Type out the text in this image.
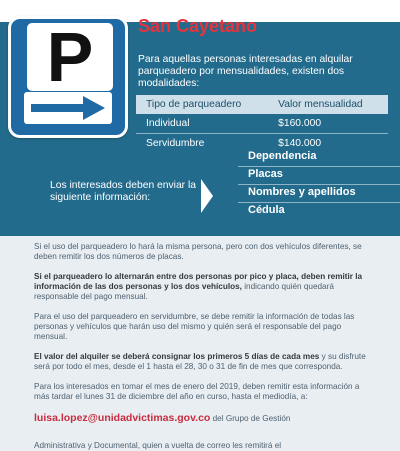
P	San Cayetano
Para aquellas personas interesadas en alquilar parqueadero por mensualidades, existen dos modalidades:
Tipo de parqueadero	Valor mensualidad
Individual	$160.000
Servidumbre	$140.000
Los interesados deben enviar la siguiente información:
Dependencia
Placas
Nombres y apellidos
Cédula

Si el uso del parqueadero lo hará la misma persona, pero con dos vehículos diferentes, se deben remitir los dos números de placas.

Si el parqueadero lo alternarán entre dos personas por pico y placa, deben remitir la información de las dos personas y los dos vehículos, indicando quién quedará responsable del pago mensual.

Para el uso del parqueadero en servidumbre, se debe remitir la información de todas las personas y vehículos que harán uso del mismo y quién será el responsable del pago mensual.

El valor del alquiler se deberá consignar los primeros 5 días de cada mes y su disfrute será por todo el mes, desde el 1 hasta el 28, 30 o 31 de fin de mes que corresponda.

Para los interesados en tomar el mes de enero del 2019, deben remitir esta información a más tardar el lunes 31 de diciembre del año en curso, hasta el mediodía, a:

luisa.lopez@unidadvictimas.gov.co del Grupo de Gestión

Administrativa y Documental, quien a vuelta de correo les remitirá el
